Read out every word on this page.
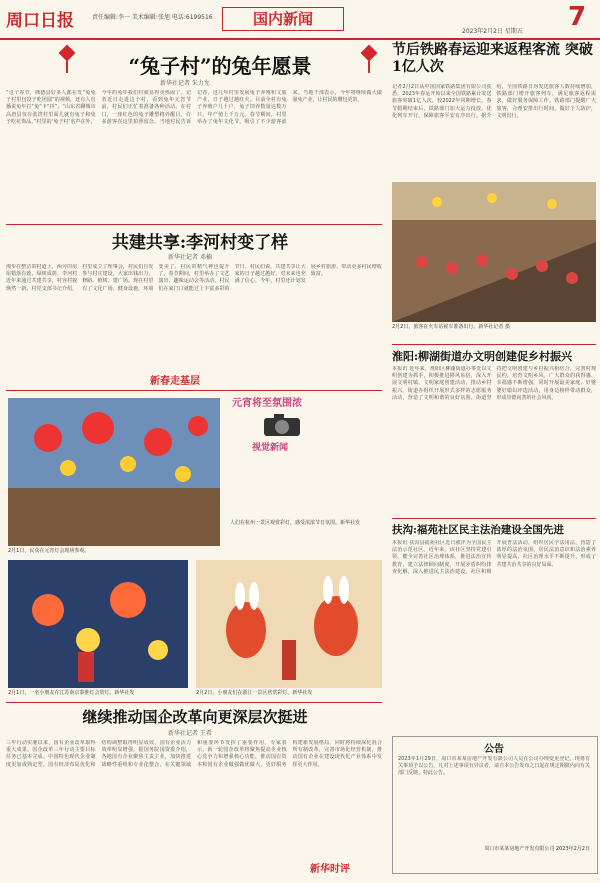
周口日报	责任编辑:李一 美术编辑:张旭 电话:6199516	国内新闻	7
2023年2月2日 星期五
“兔子村”的兔年愿景
新华社记者 朱力允
“这个春节，隆德县好多人都在发“兔兔子村里包饺子吃团圆”的视频，还有人直播说兔年打“兔”卡“抖”。“山东省聊城市高唐县仅有张湾村里面儿就有兔子和兔子吃花饰品。”村里的‘兔子村’名声在外，今年的兔年我们村就显得更热闹了。记者近日走进这个村，看到兔年元宵节前，村民们正忙着准备各种活动。在村口，一座红色的兔子雕塑格外醒目，许多游客在这里拍照留念。当地村民告诉记者，这几年村里发展兔子养殖和文旅产业，日子越过越红火。目前全村有兔子养殖户几十户，兔子饲养数量达数万只，年产值上千万元。春节期间，村里举办了兔年文化节，吸引了不少游客前来。当地干部表示，今年将继续做大做强兔产业，让村民的腰包更鼓。
节后铁路春运迎来返程客流 突破1亿人次
记者2月2日从中国国家铁路集团有限公司获悉，2023年春运开始以来全国铁路累计发送旅客突破1亿人次，较2022年同期增长。春节假期结束后，铁路部门加大运力投放，优化列车开行，保障旅客平安有序出行。据介绍，全国铁路日均发送旅客人数持续增加，铁路部门增开旅客列车，满足旅客返程需求，做好服务保障工作。铁路部门提醒广大旅客，合理安排出行时间，做好个人防护，文明出行。
2月2日，旅客在火车站候车准备出行。新华社记者 摄
共建共享:李河村变了样
新华社记者 邓楠
漫步在整洁的村道上，两旁的房屋错落有致，绿树成荫。李河村近年来通过共建共享，村容村貌焕然一新。村党支部书记介绍，村里成立了理事会，村民们自发参与村庄建设，大家出钱出力，修路、植树、建广场。现在村里有了文化广场、健身设施，环境变美了，村民的精气神也提升了。春节期间，村里举办了文艺演出、趣味运动会等活动，村民们在家门口就能过上丰富多彩的节日。村民们说，共建共享让大家的日子越过越好，对未来也充满了信心。今年，村里还计划发展乡村旅游，带动更多村民增收致富。
新春走基层
元宵将至氛围浓
视觉新闻
2月1日，民众在元宵灯会现场参观。
人们在杭州一景区观赏彩灯，感受浓浓节日氛围。新华社发
2月1日，一名小朋友在江苏南京秦淮灯会赏灯。新华社发	2月2日，小朋友们在浙江一景区欣赏彩灯。新华社发
淮阳:柳湖街道办文明创建促乡村振兴
本报讯 近年来，淮阳区柳湖街道办事处以文明创建为抓手，积极推进移风易俗，深入开展文明村镇、文明家庭创建活动，推动乡村振兴。街道办组织开展形式多样的志愿服务活动，营造了文明和谐的良好氛围。街道坚持把文明创建与乡村振兴相结合，完善村规民约，培育文明乡风，广大群众的获得感、幸福感不断增强。同时开展最美家庭、好婆婆好媳妇评选活动，用身边榜样带动群众，形成崇德向善的社会风尚。
扶沟:福苑社区民主法治建设全国先进
本报讯 扶沟县福苑社区近日被评为全国民主法治示范社区。近年来，该社区坚持党建引领，健全完善社区治理体系，推进法治宣传教育，建立法律顾问制度，开展矛盾纠纷排查化解，深入推进民主法治建设。社区积极开展普法活动，组织居民学法用法，营造了浓厚的法治氛围，居民法治意识和法治素养明显提高，社区治理水平不断提升，形成了共建共治共享的良好局面。
继续推动国企改革向更深层次挺进
新华社记者 王希
三年行动实施以来，国有企业改革取得重大成果，国企改革三年行动主要目标任务已基本完成。中国特色现代企业制度更加成熟定型，国有经济布局优化和结构调整取得明显成效，国有企业活力效率明显增强。据国务院国资委介绍，各地国有企业聚焦主责主业，加快推进战略性重组和专业化整合，在关键领域和重要环节发挥了重要作用。专家表示，新一轮国企改革将聚焦提高企业核心竞争力和增强核心功能，推动国有资本和国有企业做强做优做大，更好服务构建新发展格局。同时将持续深化混合所有制改革，完善市场化经营机制，推动国有企业在建设现代化产业体系中发挥更大作用。
公告
2023年1月29日，周口市某某房地产开发有限公司人员在公司办理变更登记，现将有关事项予以公告。凡对上述事项有异议者，请自本公告发布之日起在规定期限内向有关部门反映。特此公告。
周口市某某房地产开发有限公司 2023年2月2日
新华时评
